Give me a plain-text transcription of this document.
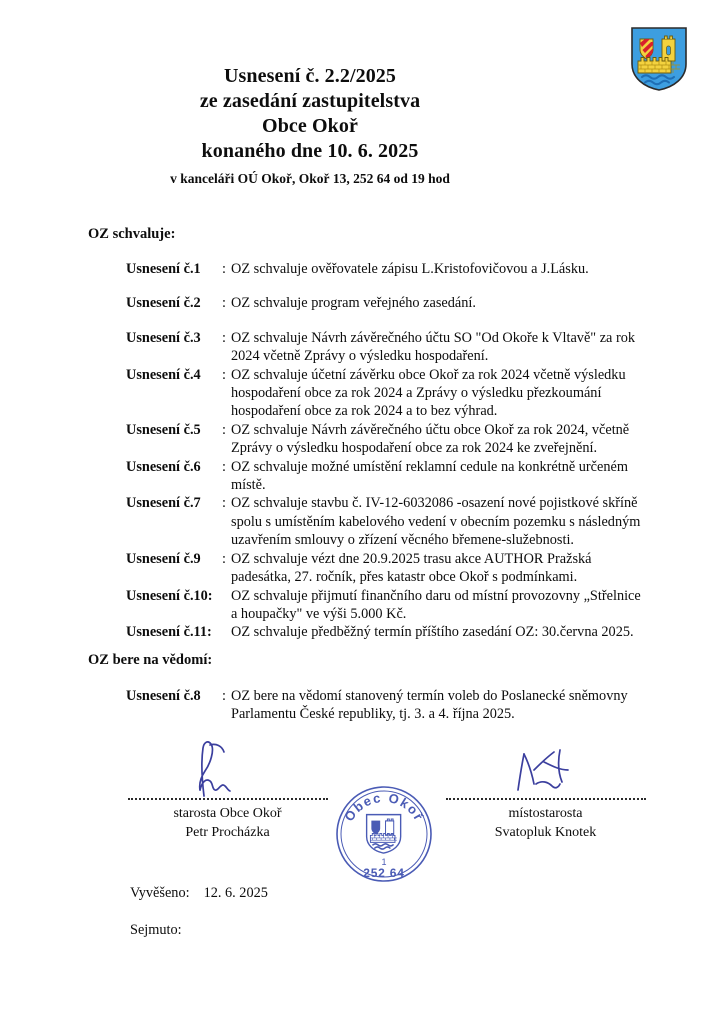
Usnesení č. 2.2/2025
ze zasedání zastupitelstva
Obce Okoř
konaného dne 10. 6. 2025
v kanceláři OÚ Okoř, Okoř 13, 252 64 od 19 hod
OZ schvaluje:
Usnesení č.1	: OZ schvaluje ověřovatele zápisu L.Kristofovičovou a J.Lásku.
Usnesení č.2	: OZ schvaluje program veřejného zasedání.
Usnesení č.3	: OZ schvaluje Návrh závěrečného účtu SO "Od Okoře k Vltavě" za rok 2024 včetně Zprávy o výsledku hospodaření.
Usnesení č.4	: OZ schvaluje účetní závěrku obce Okoř za rok 2024 včetně výsledku hospodaření obce za rok 2024 a Zprávy o výsledku přezkoumání hospodaření obce za rok 2024 a to bez výhrad.
Usnesení č.5	: OZ schvaluje Návrh závěrečného účtu obce Okoř za rok 2024, včetně Zprávy o výsledku hospodaření obce za rok 2024 ke zveřejnění.
Usnesení č.6	: OZ schvaluje možné umístění reklamní cedule na konkrétně určeném místě.
Usnesení č.7	: OZ schvaluje stavbu č. IV-12-6032086 -osazení nové pojistkové skříně spolu s umístěním kabelového vedení v obecním pozemku s následným uzavřením smlouvy o zřízení věcného břemene-služebnosti.
Usnesení č.9	: OZ schvaluje vézt dne 20.9.2025 trasu akce AUTHOR Pražská padesátka, 27. ročník, přes katastr obce Okoř s podmínkami.
Usnesení č.10:	OZ schvaluje přijmutí finančního daru od místní provozovny „Střelnice a houpačky" ve výši 5.000 Kč.
Usnesení č.11:	OZ schvaluje předběžný termín příštího zasedání OZ: 30.června 2025.
OZ bere na vědomí:
Usnesení č.8	: OZ bere na vědomí stanovený termín voleb do Poslanecké sněmovny Parlamentu České republiky, tj. 3. a 4. října 2025.
starosta Obce Okoř
Petr Procházka
místostarosta
Svatopluk Knotek
Obec Okoř
1
252 64
Vyvěšeno: 12. 6. 2025
Sejmuto:
